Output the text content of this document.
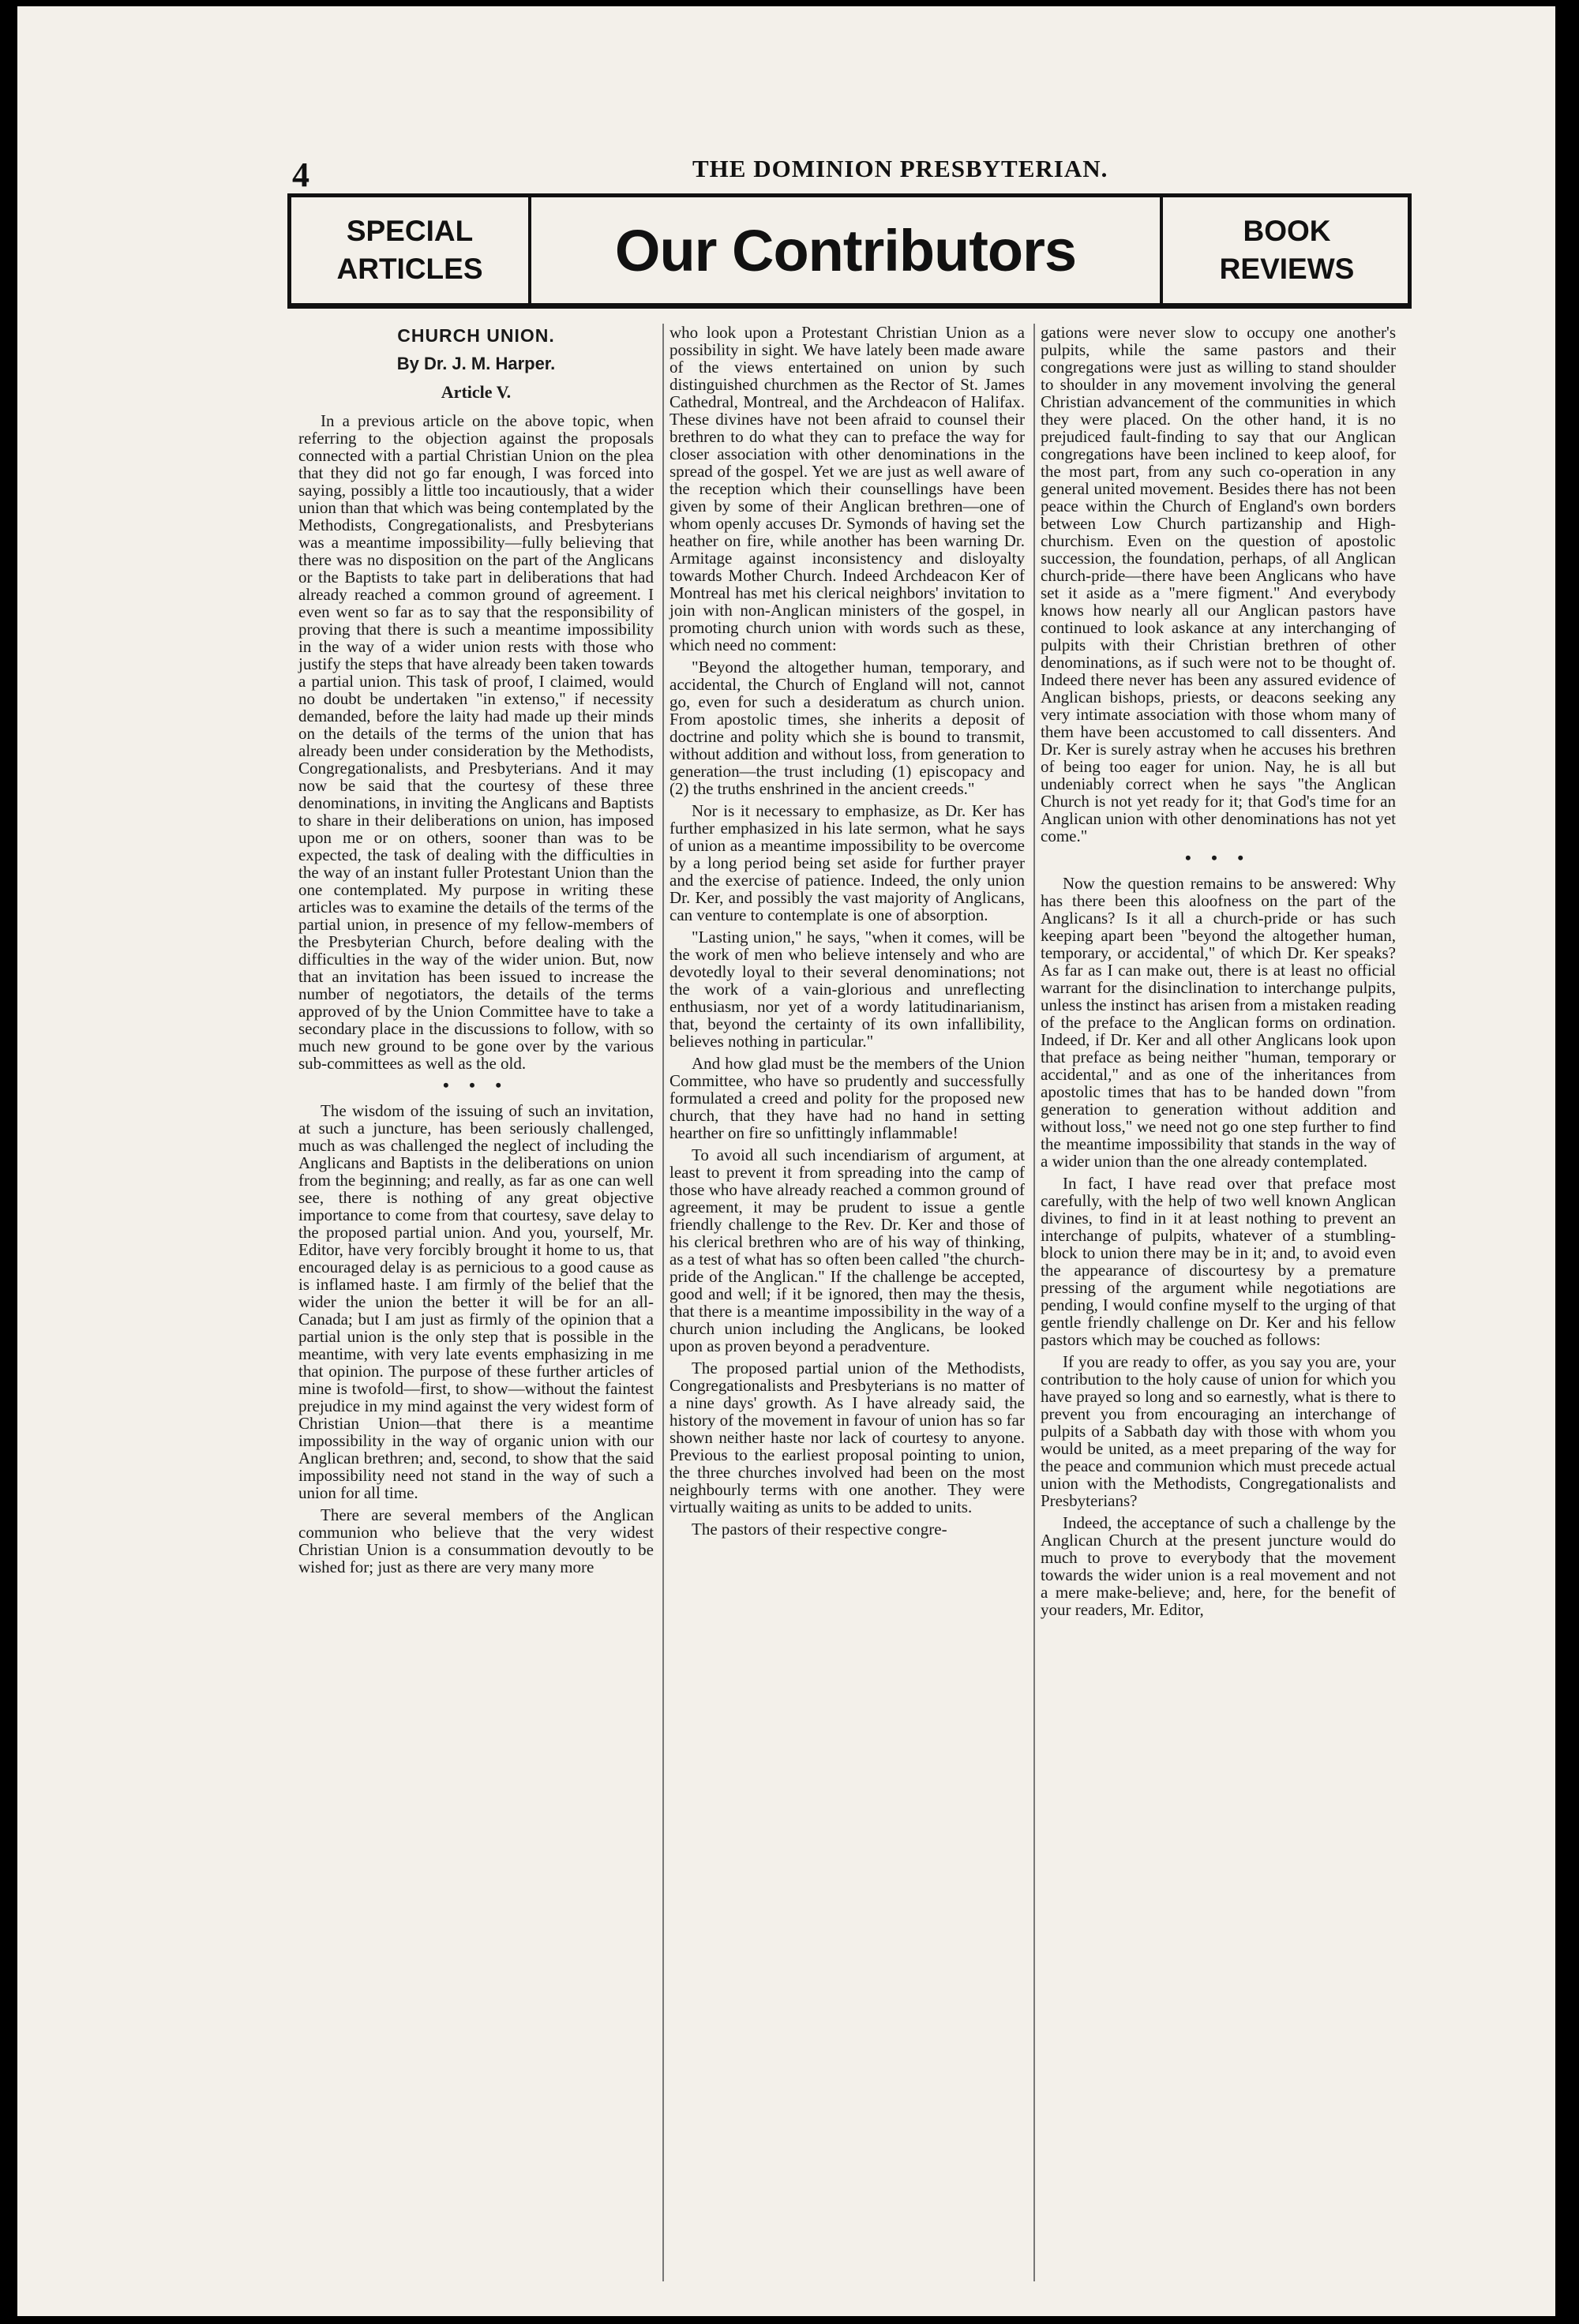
4	THE DOMINION PRESBYTERIAN.
SPECIAL
ARTICLES Our Contributors	BOOK
REVIEWS
CHURCH UNION.
By Dr. J. M. Harper.
Article V.

In a previous article on the above topic, when referring to the objection against the proposals connected with a partial Christian Union on the plea that they did not go far enough, I was forced into saying, possibly a little too incautiously, that a wider union than that which was being contemplated by the Methodists, Congregationalists, and Presbyterians was a meantime impossibility—fully believing that there was no disposition on the part of the Anglicans or the Baptists to take part in deliberations that had already reached a common ground of agreement. I even went so far as to say that the responsibility of proving that there is such a meantime impossibility in the way of a wider union rests with those who justify the steps that have already been taken towards a partial union. This task of proof, I claimed, would no doubt be undertaken "in extenso," if necessity demanded, before the laity had made up their minds on the details of the terms of the union that has already been under consideration by the Methodists, Congregationalists, and Presbyterians. And it may now be said that the courtesy of these three denominations, in inviting the Anglicans and Baptists to share in their deliberations on union, has imposed upon me or on others, sooner than was to be expected, the task of dealing with the difficulties in the way of an instant fuller Protestant Union than the one contemplated. My purpose in writing these articles was to examine the details of the terms of the partial union, in presence of my fellow-members of the Presbyterian Church, before dealing with the difficulties in the way of the wider union. But, now that an invitation has been issued to increase the number of negotiators, the details of the terms approved of by the Union Committee have to take a secondary place in the discussions to follow, with so much new ground to be gone over by the various sub-committees as well as the old.

• • •

The wisdom of the issuing of such an invitation, at such a juncture, has been seriously challenged, much as was challenged the neglect of including the Anglicans and Baptists in the deliberations on union from the beginning; and really, as far as one can well see, there is nothing of any great objective importance to come from that courtesy, save delay to the proposed partial union. And you, yourself, Mr. Editor, have very forcibly brought it home to us, that encouraged delay is as pernicious to a good cause as is inflamed haste. I am firmly of the belief that the wider the union the better it will be for an all-Canada; but I am just as firmly of the opinion that a partial union is the only step that is possible in the meantime, with very late events emphasizing in me that opinion. The purpose of these further articles of mine is twofold—first, to show—without the faintest prejudice in my mind against the very widest form of Christian Union—that there is a meantime impossibility in the way of organic union with our Anglican brethren; and, second, to show that the said impossibility need not stand in the way of such a union for all time.

There are several members of the Anglican communion who believe that the very widest Christian Union is a consummation devoutly to be wished for; just as there are very many more

who look upon a Protestant Christian Union as a possibility in sight. We have lately been made aware of the views entertained on union by such distinguished churchmen as the Rector of St. James Cathedral, Montreal, and the Archdeacon of Halifax. These divines have not been afraid to counsel their brethren to do what they can to preface the way for closer association with other denominations in the spread of the gospel. Yet we are just as well aware of the reception which their counsellings have been given by some of their Anglican brethren—one of whom openly accuses Dr. Symonds of having set the heather on fire, while another has been warning Dr. Armitage against inconsistency and disloyalty towards Mother Church. Indeed Archdeacon Ker of Montreal has met his clerical neighbors' invitation to join with non-Anglican ministers of the gospel, in promoting church union with words such as these, which need no comment:

"Beyond the altogether human, temporary, and accidental, the Church of England will not, cannot go, even for such a desideratum as church union. From apostolic times, she inherits a deposit of doctrine and polity which she is bound to transmit, without addition and without loss, from generation to generation—the trust including (1) episcopacy and (2) the truths enshrined in the ancient creeds."

Nor is it necessary to emphasize, as Dr. Ker has further emphasized in his late sermon, what he says of union as a meantime impossibility to be overcome by a long period being set aside for further prayer and the exercise of patience. Indeed, the only union Dr. Ker, and possibly the vast majority of Anglicans, can venture to contemplate is one of absorption.

"Lasting union," he says, "when it comes, will be the work of men who believe intensely and who are devotedly loyal to their several denominations; not the work of a vain-glorious and unreflecting enthusiasm, nor yet of a wordy latitudinarianism, that, beyond the certainty of its own infallibility, believes nothing in particular."

And how glad must be the members of the Union Committee, who have so prudently and successfully formulated a creed and polity for the proposed new church, that they have had no hand in setting hearther on fire so unfittingly inflammable!

To avoid all such incendiarism of argument, at least to prevent it from spreading into the camp of those who have already reached a common ground of agreement, it may be prudent to issue a gentle friendly challenge to the Rev. Dr. Ker and those of his clerical brethren who are of his way of thinking, as a test of what has so often been called "the church-pride of the Anglican." If the challenge be accepted, good and well; if it be ignored, then may the thesis, that there is a meantime impossibility in the way of a church union including the Anglicans, be looked upon as proven beyond a peradventure.

The proposed partial union of the Methodists, Congregationalists and Presbyterians is no matter of a nine days' growth. As I have already said, the history of the movement in favour of union has so far shown neither haste nor lack of courtesy to anyone. Previous to the earliest proposal pointing to union, the three churches involved had been on the most neighbourly terms with one another. They were virtually waiting as units to be added to units.

The pastors of their respective congre-

gations were never slow to occupy one another's pulpits, while the same pastors and their congregations were just as willing to stand shoulder to shoulder in any movement involving the general Christian advancement of the communities in which they were placed. On the other hand, it is no prejudiced fault-finding to say that our Anglican congregations have been inclined to keep aloof, for the most part, from any such co-operation in any general united movement. Besides there has not been peace within the Church of England's own borders between Low Church partizanship and High-churchism. Even on the question of apostolic succession, the foundation, perhaps, of all Anglican church-pride—there have been Anglicans who have set it aside as a "mere figment." And everybody knows how nearly all our Anglican pastors have continued to look askance at any interchanging of pulpits with their Christian brethren of other denominations, as if such were not to be thought of. Indeed there never has been any assured evidence of Anglican bishops, priests, or deacons seeking any very intimate association with those whom many of them have been accustomed to call dissenters. And Dr. Ker is surely astray when he accuses his brethren of being too eager for union. Nay, he is all but undeniably correct when he says "the Anglican Church is not yet ready for it; that God's time for an Anglican union with other denominations has not yet come."

• • •

Now the question remains to be answered: Why has there been this aloofness on the part of the Anglicans? Is it all a church-pride or has such keeping apart been "beyond the altogether human, temporary, or accidental," of which Dr. Ker speaks? As far as I can make out, there is at least no official warrant for the disinclination to interchange pulpits, unless the instinct has arisen from a mistaken reading of the preface to the Anglican forms on ordination. Indeed, if Dr. Ker and all other Anglicans look upon that preface as being neither "human, temporary or accidental," and as one of the inheritances from apostolic times that has to be handed down "from generation to generation without addition and without loss," we need not go one step further to find the meantime impossibility that stands in the way of a wider union than the one already contemplated.

In fact, I have read over that preface most carefully, with the help of two well known Anglican divines, to find in it at least nothing to prevent an interchange of pulpits, whatever of a stumbling-block to union there may be in it; and, to avoid even the appearance of discourtesy by a premature pressing of the argument while negotiations are pending, I would confine myself to the urging of that gentle friendly challenge on Dr. Ker and his fellow pastors which may be couched as follows:

If you are ready to offer, as you say you are, your contribution to the holy cause of union for which you have prayed so long and so earnestly, what is there to prevent you from encouraging an interchange of pulpits of a Sabbath day with those with whom you would be united, as a meet preparing of the way for the peace and communion which must precede actual union with the Methodists, Congregationalists and Presbyterians?

Indeed, the acceptance of such a challenge by the Anglican Church at the present juncture would do much to prove to everybody that the movement towards the wider union is a real movement and not a mere make-believe; and, here, for the benefit of your readers, Mr. Editor,
